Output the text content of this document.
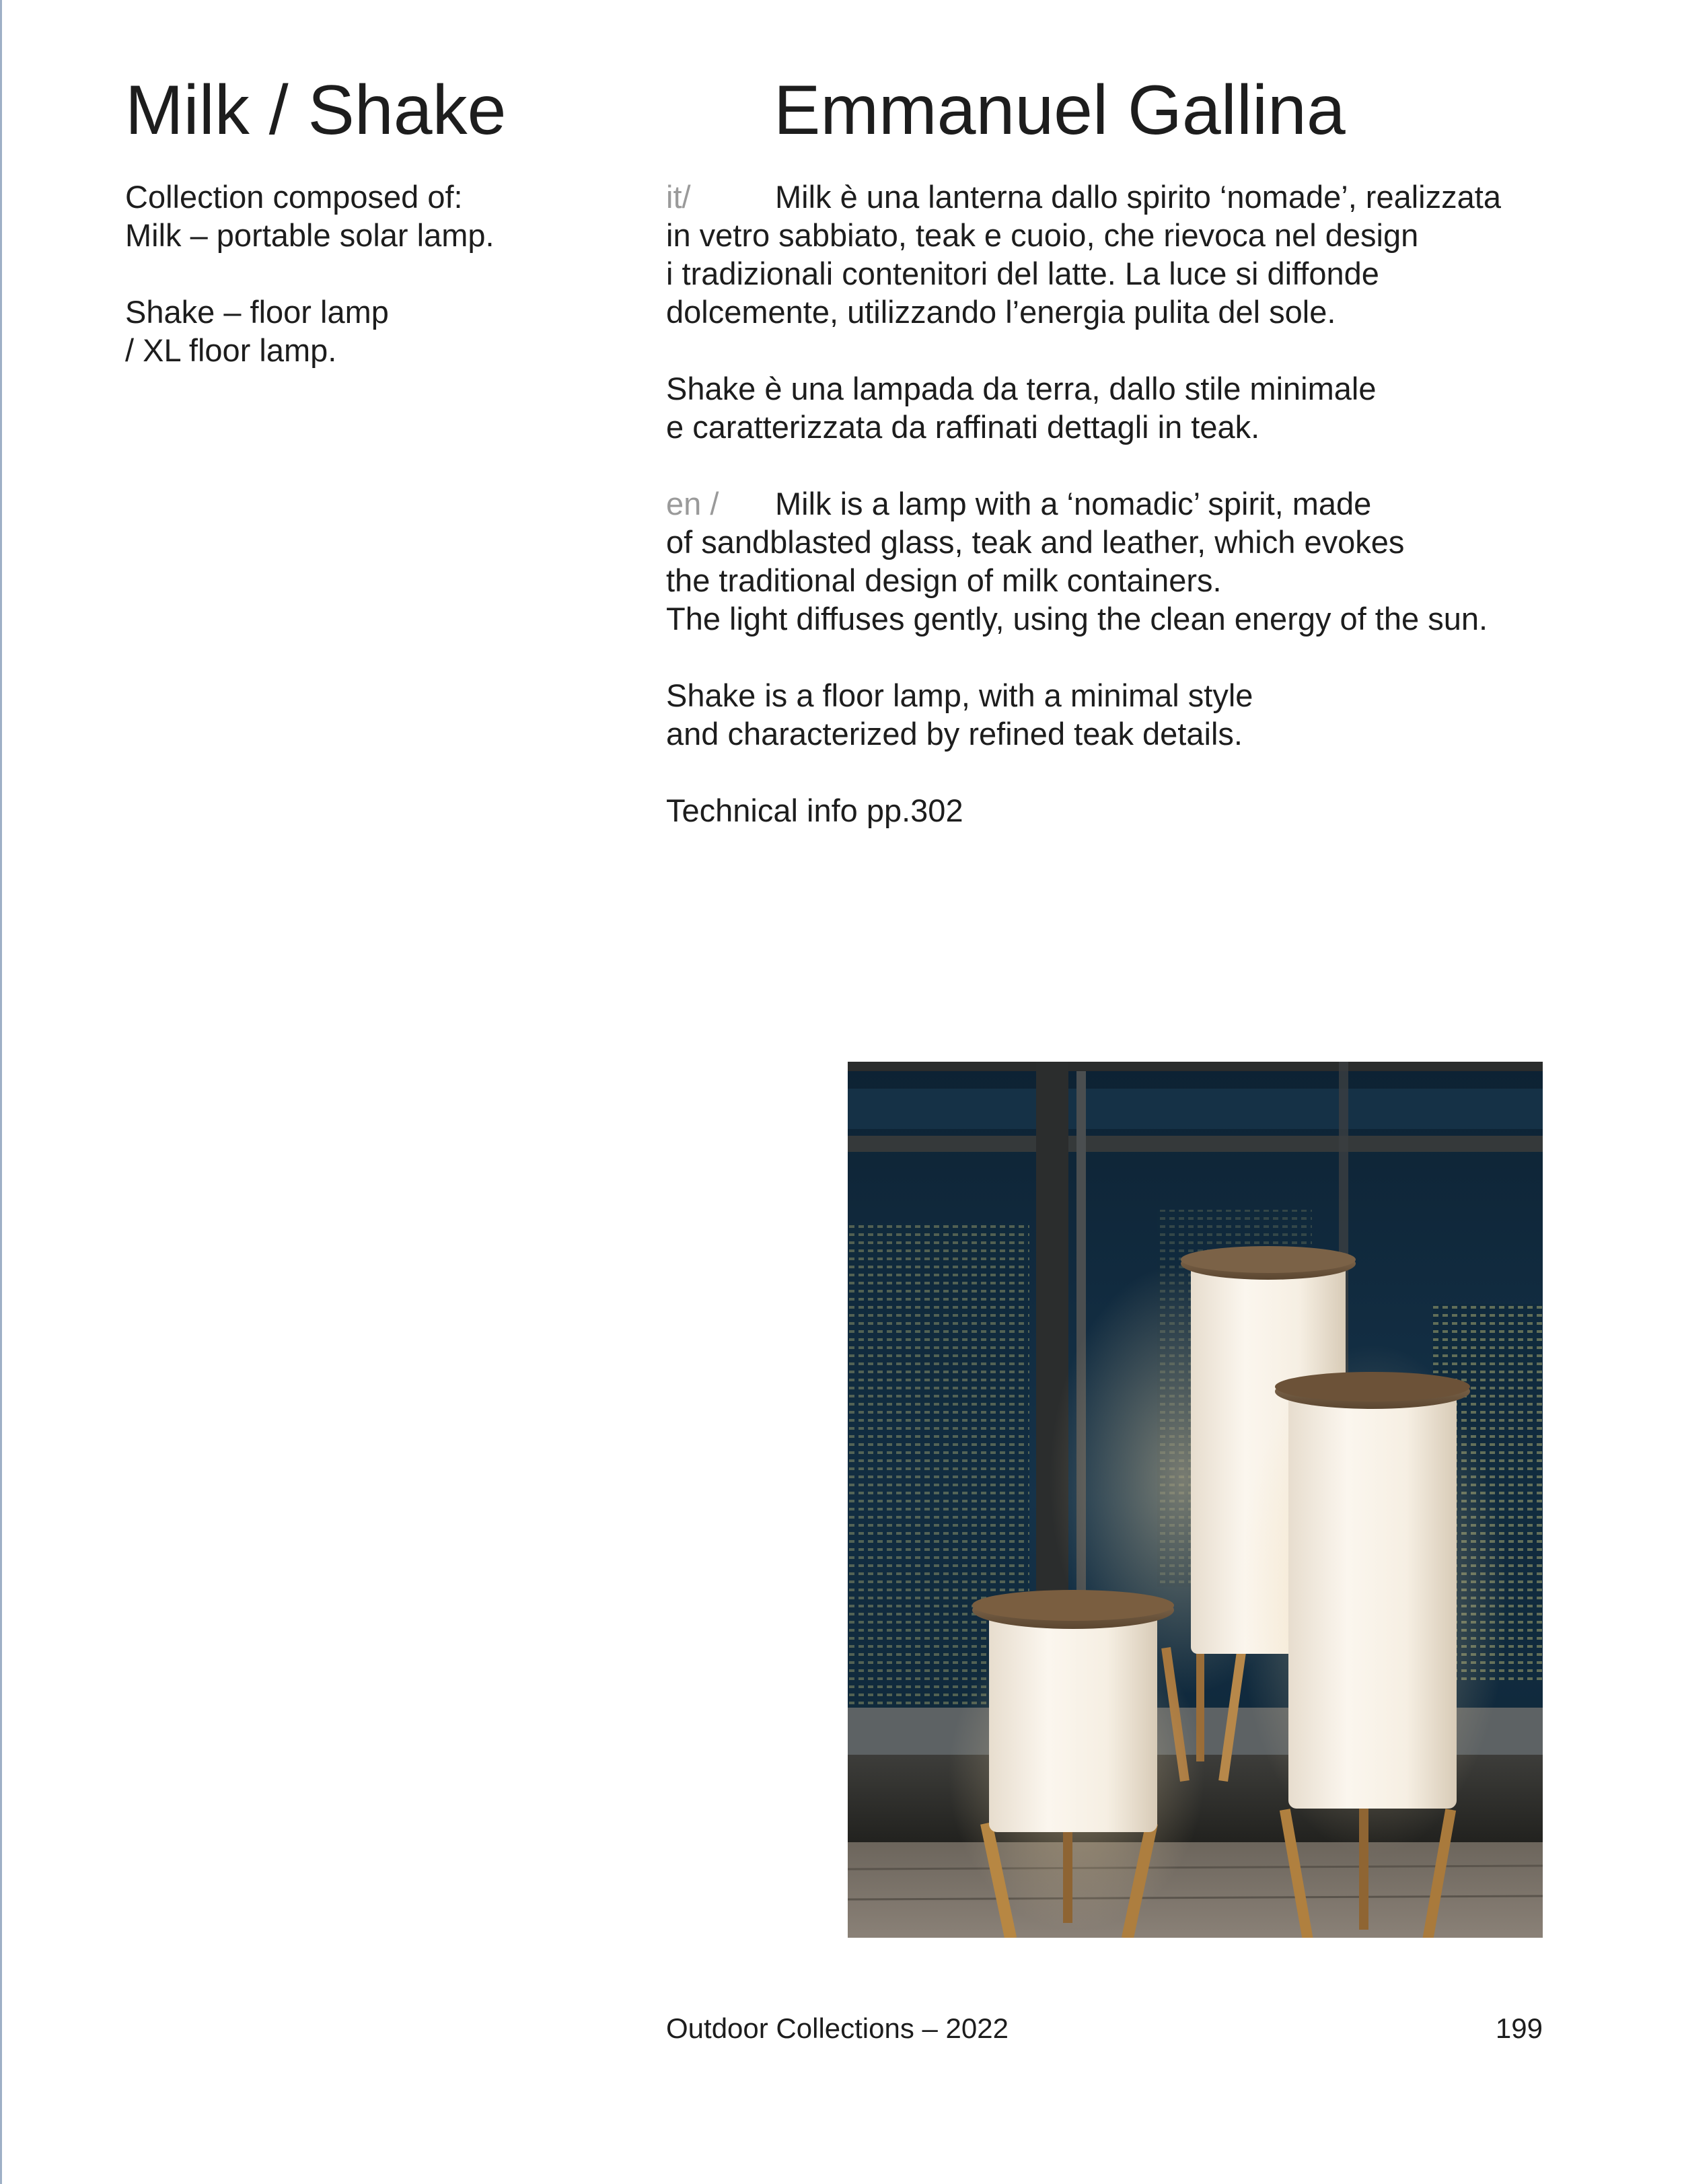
Milk / Shake	Emmanuel Gallina
Collection composed of:
Milk – portable solar lamp.
Shake – floor lamp
/ XL floor lamp.
it/	Milk è una lanterna dallo spirito ‘nomade’, realizzata
in vetro sabbiato, teak e cuoio, che rievoca nel design
i tradizionali contenitori del latte. La luce si diffonde
dolcemente, utilizzando l’energia pulita del sole.
Shake è una lampada da terra, dallo stile minimale
e caratterizzata da raffinati dettagli in teak.
en / Milk is a lamp with a ‘nomadic’ spirit, made
of sandblasted glass, teak and leather, which evokes
the traditional design of milk containers.
The light diffuses gently, using the clean energy of the sun.
Shake is a floor lamp, with a minimal style
and characterized by refined teak details.
Technical info pp.302
Outdoor Collections – 2022	199
